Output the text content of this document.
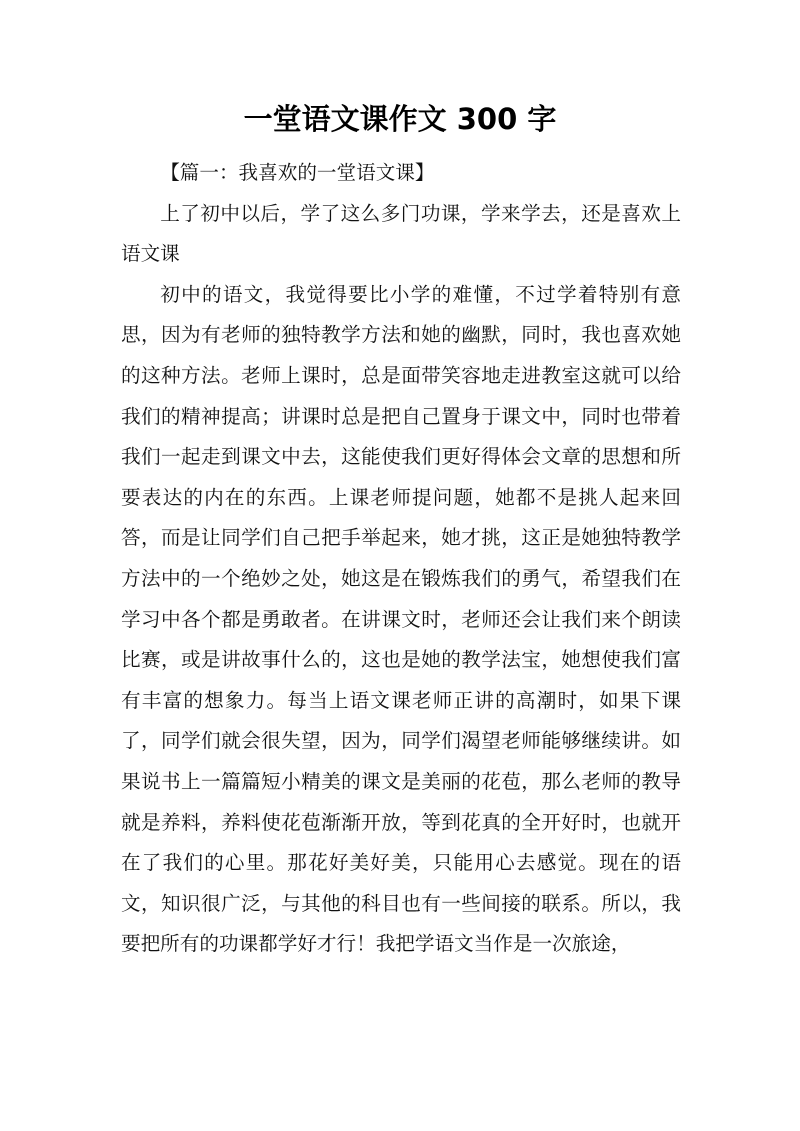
一堂语文课作文 300 字

【篇一：我喜欢的一堂语文课】

上了初中以后，学了这么多门功课，学来学去，还是喜欢上语文课

初中的语文，我觉得要比小学的难懂，不过学着特别有意思，因为有老师的独特教学方法和她的幽默，同时，我也喜欢她的这种方法。老师上课时，总是面带笑容地走进教室这就可以给我们的精神提高；讲课时总是把自己置身于课文中，同时也带着我们一起走到课文中去，这能使我们更好得体会文章的思想和所要表达的内在的东西。上课老师提问题，她都不是挑人起来回答，而是让同学们自己把手举起来，她才挑，这正是她独特教学方法中的一个绝妙之处，她这是在锻炼我们的勇气，希望我们在学习中各个都是勇敢者。在讲课文时，老师还会让我们来个朗读比赛，或是讲故事什么的，这也是她的教学法宝，她想使我们富有丰富的想象力。每当上语文课老师正讲的高潮时，如果下课了，同学们就会很失望，因为，同学们渴望老师能够继续讲。如果说书上一篇篇短小精美的课文是美丽的花苞，那么老师的教导就是养料，养料使花苞渐渐开放，等到花真的全开好时，也就开在了我们的心里。那花好美好美，只能用心去感觉。现在的语文，知识很广泛，与其他的科目也有一些间接的联系。所以，我要把所有的功课都学好才行！我把学语文当作是一次旅途，
